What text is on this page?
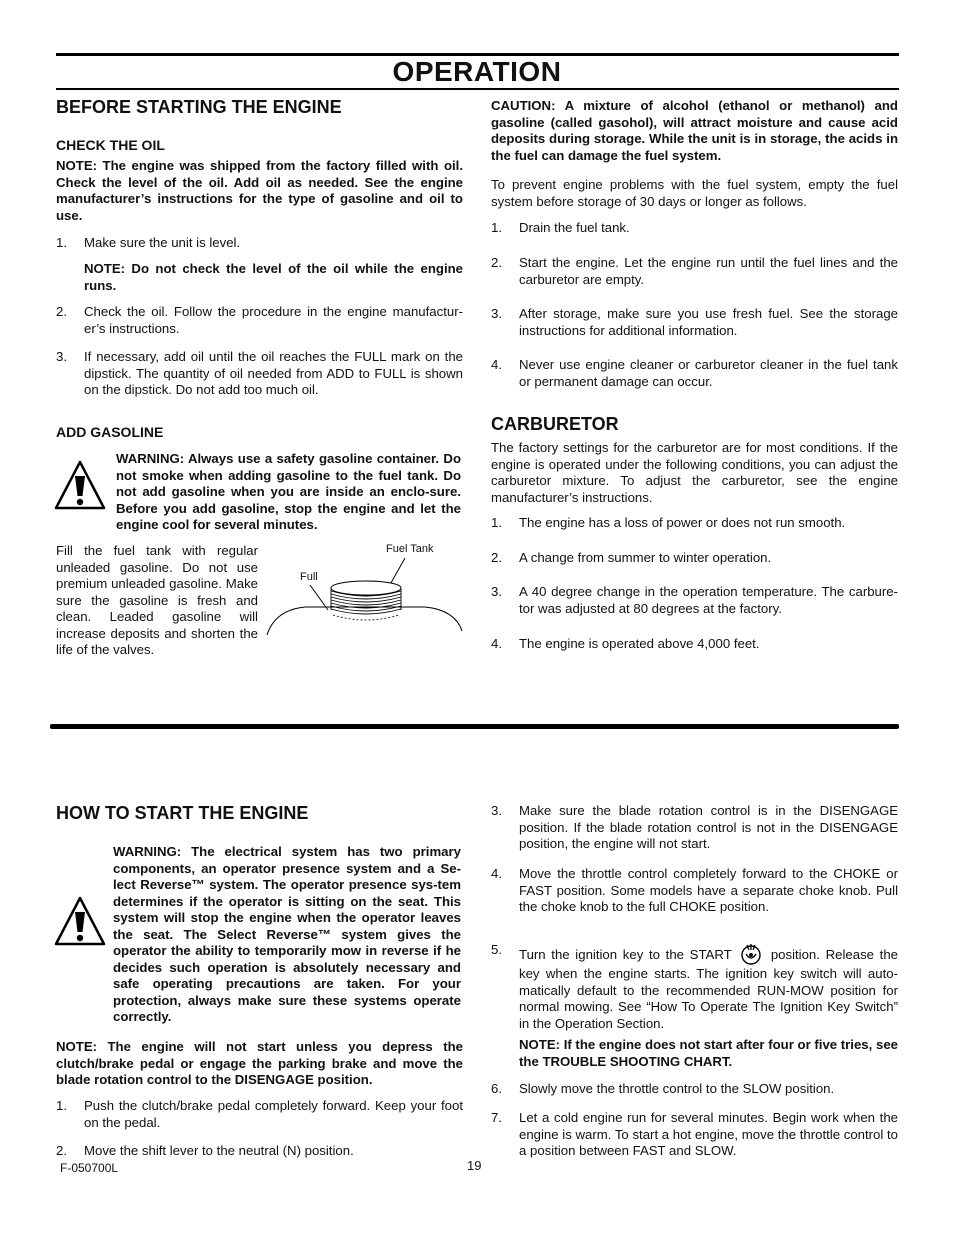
OPERATION
BEFORE STARTING THE ENGINE
CHECK THE OIL
NOTE: The engine was shipped from the factory filled with oil. Check the level of the oil. Add oil as needed. See the engine manufacturer’s instructions for the type of gasoline and oil to use.
1. Make sure the unit is level.
NOTE: Do not check the level of the oil while the engine runs.
2. Check the oil. Follow the procedure in the engine manufactur-er’s instructions.
3. If necessary, add oil until the oil reaches the FULL mark on the dipstick. The quantity of oil needed from ADD to FULL is shown on the dipstick. Do not add too much oil.
ADD GASOLINE
WARNING: Always use a safety gasoline container. Do not smoke when adding gasoline to the fuel tank. Do not add gasoline when you are inside an enclo-sure. Before you add gasoline, stop the engine and let the engine cool for several minutes.
Fill the fuel tank with regular unleaded gasoline. Do not use premium unleaded gasoline. Make sure the gasoline is fresh and clean. Leaded gasoline will increase deposits and shorten the life of the valves.
Fuel Tank
Full
CAUTION: A mixture of alcohol (ethanol or methanol) and gasoline (called gasohol), will attract moisture and cause acid deposits during storage. While the unit is in storage, the acids in the fuel can damage the fuel system.
To prevent engine problems with the fuel system, empty the fuel system before storage of 30 days or longer as follows.
1. Drain the fuel tank.
2. Start the engine. Let the engine run until the fuel lines and the carburetor are empty.
3. After storage, make sure you use fresh fuel. See the storage instructions for additional information.
4. Never use engine cleaner or carburetor cleaner in the fuel tank or permanent damage can occur.
CARBURETOR
The factory settings for the carburetor are for most conditions. If the engine is operated under the following conditions, you can adjust the carburetor mixture. To adjust the carburetor, see the engine manufacturer’s instructions.
1. The engine has a loss of power or does not run smooth.
2. A change from summer to winter operation.
3. A 40 degree change in the operation temperature. The carbure-tor was adjusted at 80 degrees at the factory.
4. The engine is operated above 4,000 feet.
HOW TO START THE ENGINE
WARNING: The electrical system has two primary components, an operator presence system and a Se-lect Reverse™ system. The operator presence sys-tem determines if the operator is sitting on the seat. This system will stop the engine when the operator leaves the seat. The Select Reverse™ system gives the operator the ability to temporarily mow in reverse if he decides such operation is absolutely necessary and safe operating precautions are taken. For your protection, always make sure these systems operate correctly.
NOTE: The engine will not start unless you depress the clutch/brake pedal or engage the parking brake and move the blade rotation control to the DISENGAGE position.
1. Push the clutch/brake pedal completely forward. Keep your foot on the pedal.
2. Move the shift lever to the neutral (N) position.
3. Make sure the blade rotation control is in the DISENGAGE position. If the blade rotation control is not in the DISENGAGE position, the engine will not start.
4. Move the throttle control completely forward to the CHOKE or FAST position. Some models have a separate choke knob. Pull the choke knob to the full CHOKE position.
5. Turn the ignition key to the START	position. Release the key when the engine starts. The ignition key switch will auto-matically default to the recommended RUN-MOW position for normal mowing. See “How To Operate The Ignition Key Switch” in the Operation Section.
NOTE: If the engine does not start after four or five tries, see the TROUBLE SHOOTING CHART.
6. Slowly move the throttle control to the SLOW position.
7. Let a cold engine run for several minutes. Begin work when the engine is warm. To start a hot engine, move the throttle control to a position between FAST and SLOW.
F-050700L	19
